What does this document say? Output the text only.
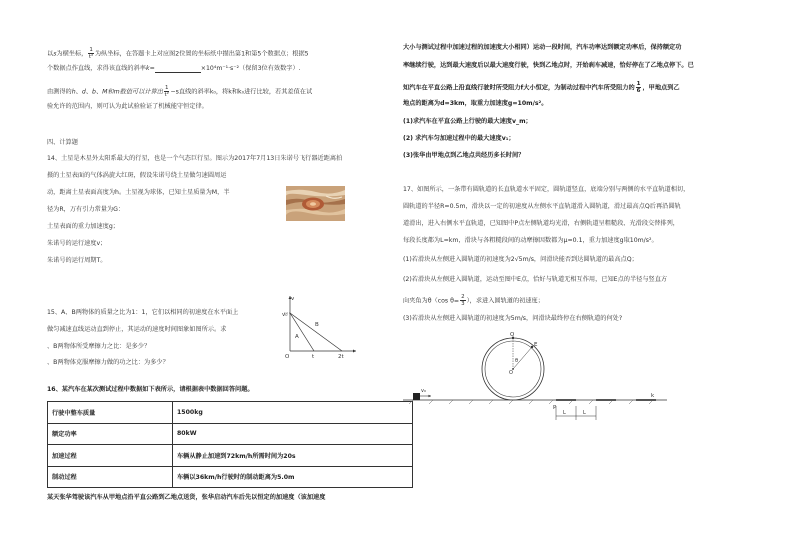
以s为横坐标， $\frac{1}{\text{t²}}$ 为纵坐标，在答题卡上对应图2位置的坐标纸中描出第1和第5个数据点；根据5
个数据点作直线，求得该直线的斜率k=	×10⁴m⁻¹·s⁻²（保留3位有效数字）.
由测得的h、d、b、M和m数值可以计算出 $\frac{1}{\text{t²}} -s$直线的斜率k₀，将k和k₀进行比较，若其差值在试
验允许的范围内，则可认为此试验验证了机械能守恒定律。
四、计算题
14、土星是木星外太阳系最大的行星，也是一个气态巨行星。图示为2017年7月13日朱诺号飞行器近距离拍
摄的土星表面的气体涡旋大红斑，假设朱诺号绕土星做匀速圆周运
动，距离土星表面高度为h。土星视为球体，已知土星质量为M，半
径为R，万有引力常量为G：
土星表面的重力加速度g；
朱诺号的运行速度v；
朱诺号的运行周期T。
15、A、B两物体的质量之比为1：1，它们以相同的初速度在水平面上
做匀减速直线运动直到停止，其运动的速度时间图象如图所示。求
、B两物体所受摩擦力之比：是多少？
、B两物体克服摩擦力做的功之比：为多少？
v
v₀
A
B
O	t	2t
16、某汽车在某次测试过程中数据如下表所示，请根据表中数据回答问题。
行驶中整车质量	1500kg
额定功率	80kW
加速过程	车辆从静止加速到72km/h所需时间为20s
制动过程	车辆以36km/h行驶时的制动距离为5.0m
某天张华驾驶该汽车从甲地点沿平直公路到乙地点送货，张华启动汽车后先以恒定的加速度（该加速度
大小与测试过程中加速过程的加速度大小相同）运动一段时间，汽车功率达到额定功率后，保持额定功
率继续行驶，达到最大速度后以最大速度行驶，快到乙地点时，开始刹车减速，恰好停在了乙地点停下。已
知汽车在平直公路上沿直线行驶时所受阻力f大小恒定，为制动过程中汽车所受阻力的 $\frac{1}{6}$ ，甲地点到乙
地点的距离为d=3km，取重力加速度g=10m/s²。
(1)求汽车在平直公路上行驶的最大速度v_m；
(2) 求汽车匀加速过程中的最大速度v₁；
(3)张华由甲地点到乙地点共经历多长时间？
17、如图所示，一条带有圆轨道的长直轨道水平固定，圆轨道竖直，底端分别与两侧的水平直轨道相切，
圆轨道的半径R=0.5m，滑块以一定的初速度从左侧水平直轨道滑入圆轨道，滑过最高点Q后再沿圆轨
道滑出，进入右侧水平直轨道，已知图中P点左侧轨道均光滑，右侧轨道呈粗糙段、光滑段交替排列，
每段长度都为L=km，滑块与各粗糙段间的动摩擦因数都为μ=0.1，重力加速度g取10m/s²。
(1)若滑块从左侧进入圆轨道的初速度为2√5m/s，问滑块能否到达圆轨道的最高点Q；
(2)若滑块从左侧进入圆轨道，运动至图中E点，恰好与轨道无相互作用，已知E点的半径与竖直方
向夹角为θ（cos $\theta= \frac{2}{3}$ ），求进入圆轨道的初速度；
(3)若滑块从左侧进入圆轨道的初速度为5m/s，问滑块最终停在右侧轨道的何处?
Q
E
O
θ
v₀
P
L	L
k
